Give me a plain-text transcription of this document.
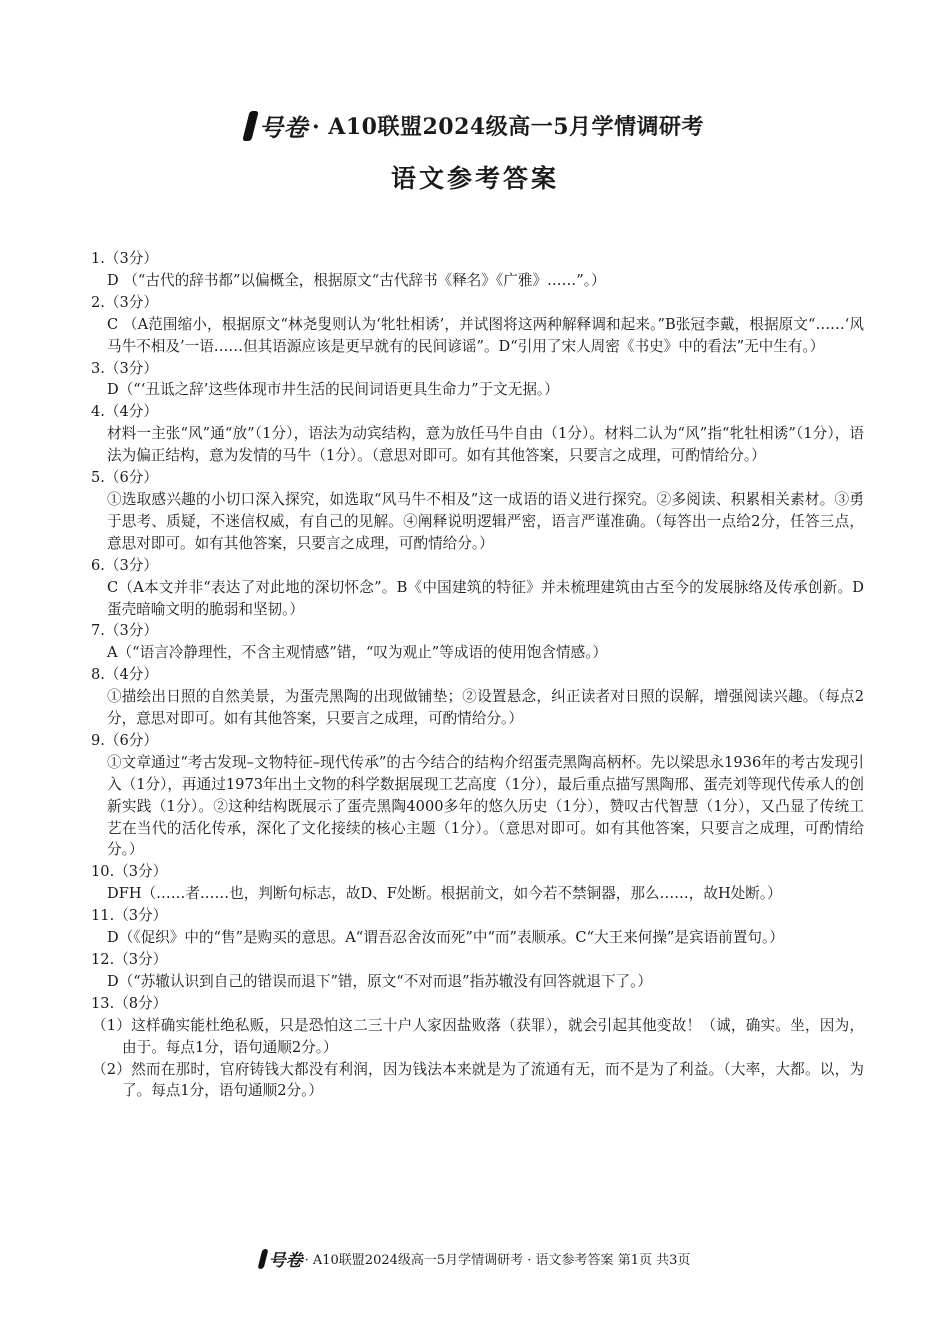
号卷 · A10联盟2024级高一5月学情调研考
语文参考答案
1.（3分）
D （“古代的辞书都”以偏概全，根据原文“古代辞书《释名》《广雅》……”。）
2.（3分）
C （A范围缩小，根据原文“林尧叟则认为‘牝牡相诱’，并试图将这两种解释调和起来。”B张冠李戴，根据原文“……‘风马牛不相及’一语……但其语源应该是更早就有的民间谚谣”。D“引用了宋人周密《书史》中的看法”无中生有。）
3.（3分）
D（“‘丑诋之辞’这些体现市井生活的民间词语更具生命力”于文无据。）
4.（4分）
材料一主张“风”通“放”（1分），语法为动宾结构，意为放任马牛自由（1分）。材料二认为“风”指“牝牡相诱”（1分），语法为偏正结构，意为发情的马牛（1分）。（意思对即可。如有其他答案，只要言之成理，可酌情给分。）
5.（6分）
①选取感兴趣的小切口深入探究，如选取“风马牛不相及”这一成语的语义进行探究。②多阅读、积累相关素材。③勇于思考、质疑，不迷信权威，有自己的见解。④阐释说明逻辑严密，语言严谨准确。（每答出一点给2分，任答三点，意思对即可。如有其他答案，只要言之成理，可酌情给分。）
6.（3分）
C（A本文并非“表达了对此地的深切怀念”。B《中国建筑的特征》并未梳理建筑由古至今的发展脉络及传承创新。D蛋壳暗喻文明的脆弱和坚韧。）
7.（3分）
A（“语言冷静理性，不含主观情感”错，“叹为观止”等成语的使用饱含情感。）
8.（4分）
①描绘出日照的自然美景，为蛋壳黑陶的出现做铺垫；②设置悬念，纠正读者对日照的误解，增强阅读兴趣。（每点2分，意思对即可。如有其他答案，只要言之成理，可酌情给分。）
9.（6分）
①文章通过“考古发现–文物特征–现代传承”的古今结合的结构介绍蛋壳黑陶高柄杯。先以梁思永1936年的考古发现引入（1分），再通过1973年出土文物的科学数据展现工艺高度（1分），最后重点描写黑陶邢、蛋壳刘等现代传承人的创新实践（1分）。②这种结构既展示了蛋壳黑陶4000多年的悠久历史（1分），赞叹古代智慧（1分），又凸显了传统工艺在当代的活化传承，深化了文化接续的核心主题（1分）。（意思对即可。如有其他答案，只要言之成理，可酌情给分。）
10.（3分）
DFH（……者……也，判断句标志，故D、F处断。根据前文，如今若不禁铜器，那么……，故H处断。）
11.（3分）
D（《促织》中的“售”是购买的意思。A“谓吾忍舍汝而死”中“而”表顺承。C“大王来何操”是宾语前置句。）
12.（3分）
D（“苏辙认识到自己的错误而退下”错，原文“不对而退”指苏辙没有回答就退下了。）
13.（8分）
（1）这样确实能杜绝私贩，只是恐怕这二三十户人家因盐败落（获罪），就会引起其他变故！（诚，确实。坐，因为，由于。每点1分，语句通顺2分。）
（2）然而在那时，官府铸钱大都没有利润，因为钱法本来就是为了流通有无，而不是为了利益。（大率，大都。以，为了。每点1分，语句通顺2分。）
号卷 · A10联盟2024级高一5月学情调研考 · 语文参考答案 第1页 共3页
